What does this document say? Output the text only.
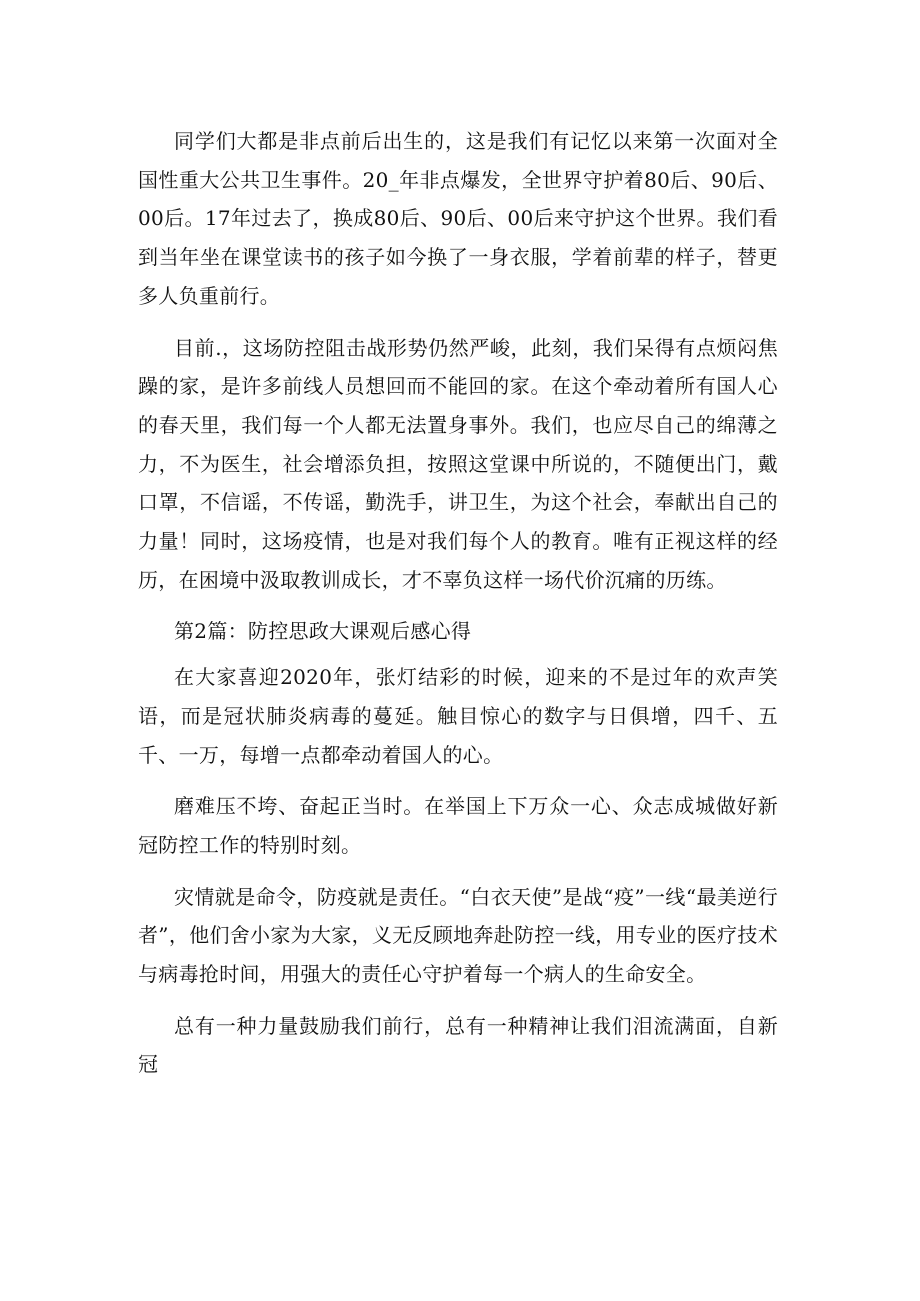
同学们大都是非点前后出生的，这是我们有记忆以来第一次面对全国性重大公共卫生事件。20_年非点爆发，全世界守护着80后、90后、00后。17年过去了，换成80后、90后、00后来守护这个世界。我们看到当年坐在课堂读书的孩子如今换了一身衣服，学着前辈的样子，替更多人负重前行。

目前.，这场防控阻击战形势仍然严峻，此刻，我们呆得有点烦闷焦躁的家，是许多前线人员想回而不能回的家。在这个牵动着所有国人心的春天里，我们每一个人都无法置身事外。我们，也应尽自己的绵薄之力，不为医生，社会增添负担，按照这堂课中所说的，不随便出门，戴口罩，不信谣，不传谣，勤洗手，讲卫生，为这个社会，奉献出自己的力量！同时，这场疫情，也是对我们每个人的教育。唯有正视这样的经历，在困境中汲取教训成长，才不辜负这样一场代价沉痛的历练。

第2篇：防控思政大课观后感心得

在大家喜迎2020年，张灯结彩的时候，迎来的不是过年的欢声笑语，而是冠状肺炎病毒的蔓延。触目惊心的数字与日俱增，四千、五千、一万，每增一点都牵动着国人的心。

磨难压不垮、奋起正当时。在举国上下万众一心、众志成城做好新冠防控工作的特别时刻。

灾情就是命令，防疫就是责任。“白衣天使”是战“疫”一线“最美逆行者”，他们舍小家为大家，义无反顾地奔赴防控一线，用专业的医疗技术与病毒抢时间，用强大的责任心守护着每一个病人的生命安全。

总有一种力量鼓励我们前行，总有一种精神让我们泪流满面，自新冠
